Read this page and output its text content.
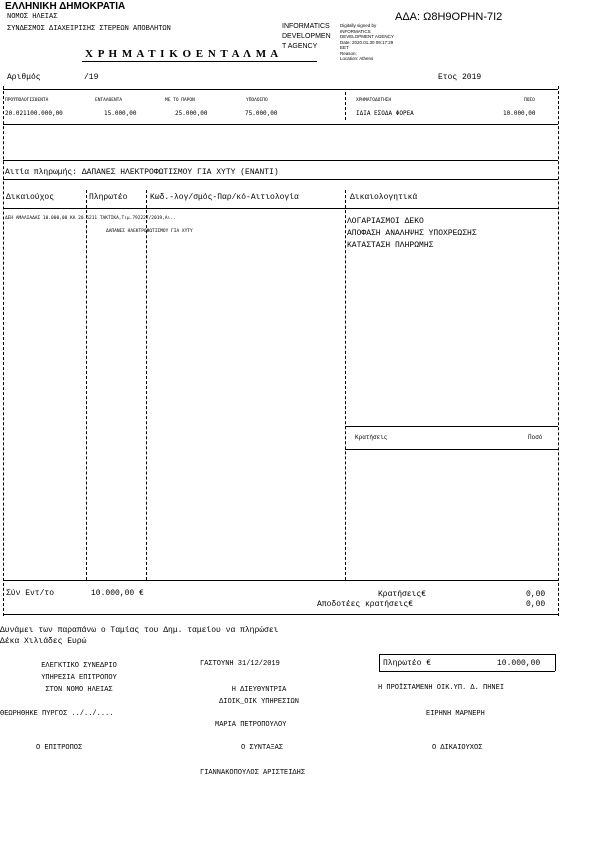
ΕΛΛΗΝΙΚΗ ΔΗΜΟΚΡΑΤΙΑ
ΝΟΜΟΣ ΗΛΕΙΑΣ
ΣΥΝΔΕΣΜΟΣ ΔΙΑΧΕΙΡΙΣΗΣ ΣΤΕΡΕΩΝ ΑΠΟΒΛΗΤΩΝ	INFORMATICS
DEVELOPMEN
T AGENCY
Digitally signed by
INFORMATICS
DEVELOPMENT AGENCY
Date: 2020.01.30 09:17:29
EET
Reason:
Location: Athens
ΑΔΑ: Ω8Η9ΟΡΗΝ-7Ι2
Χ Ρ Η Μ Α Τ Ι Κ Ο Ε Ν Τ Α Λ Μ Α
Αριθμός	/19	Ετος 2019
ΠΡΟΫΠΟΛΟΓΙΣΘΕΝΤΑ	ΕΝΤΑΛΘΕΝΤΑ	ΜΕ ΤΟ ΠΑΡΟΝ	ΥΠΟΛΟΙΠΟ	ΧΡΗΜΑΤΟΔΟΤΗΣΗ	ΠΟΣΟ
20.021100.000,00	15.000,00	25.000,00	75.000,00	ΙΔΙΑ ΕΣΟΔΑ ΦΟΡΕΑ	10.000,00
Αιτία πληρωμής: ΔΑΠΑΝΕΣ ΗΛΕΚΤΡΟΦΩΤΙΣΜΟΥ ΓΙΑ ΧΥΤΥ (ΕΝΑΝΤΙ)
Δικαιούχος	Πληρωτέο	Κωδ.-λογ/σμός-Παρ/κό-Αιτιολογία	Δικαιολογητικά
ΔΕΗ ΑΜΑΛΙΑΔΑΣ 10.000,00 ΚΑ 20.6211 ΤΑΚΤΙΚΑ,Τιμ.792227/2019,Αι..
ΔΑΠΑΝΕΣ ΗΛΕΚΤΡΟΦΩΤΙΣΜΟΥ ΓΙΑ ΧΥΤΥ
ΛΟΓΑΡΙΑΣΜΟΙ ΔΕΚΟ
ΑΠΟΦΑΣΗ ΑΝΑΛΗΨΗΣ ΥΠΟΧΡΕΩΣΗΣ
ΚΑΤΑΣΤΑΣΗ ΠΛΗΡΩΜΗΣ
Κρατήσεις	Ποσό
Σύν Εντ/το	10.000,00 €	Κρατήσεις€	0,00
Αποδοτέες κρατήσεις€	0,00
Δυνάμει των παραπάνω ο Ταμίας του Δημ. ταμείου να πληρώσει
Δέκα Χιλιάδες Ευρώ
ΕΛΕΓΚΤΙΚΟ ΣΥΝΕΔΡΙΟ
ΥΠΗΡΕΣΙΑ ΕΠΙΤΡΟΠΟΥ
ΣΤΟΝ ΝΟΜΟ ΗΛΕΙΑΣ
ΓΑΣΤΟΥΝΗ 31/12/2019	Πληρωτέο €	10.000,00
Η ΔΙΕΥΘΥΝΤΡΙΑ
ΔΙΟΙΚ_ΟΙΚ ΥΠΗΡΕΣΙΩΝ
Η ΠΡΟΪΣΤΑΜΕΝΗ ΟΙΚ.ΥΠ. Δ. ΠΗΝΕΙ
ΘΕΩΡΗΘΗΚΕ ΠΥΡΓΟΣ ../../....	ΕΙΡΗΝΗ ΜΑΡΝΕΡΗ
ΜΑΡΙΑ ΠΕΤΡΟΠΟΥΛΟΥ
Ο ΕΠΙΤΡΟΠΟΣ	Ο ΣΥΝΤΑΞΑΣ	Ο ΔΙΚΑΙΟΥΧΟΣ
ΓΙΑΝΝΑΚΟΠΟΥΛΟΣ ΑΡΙΣΤΕΙΔΗΣ
